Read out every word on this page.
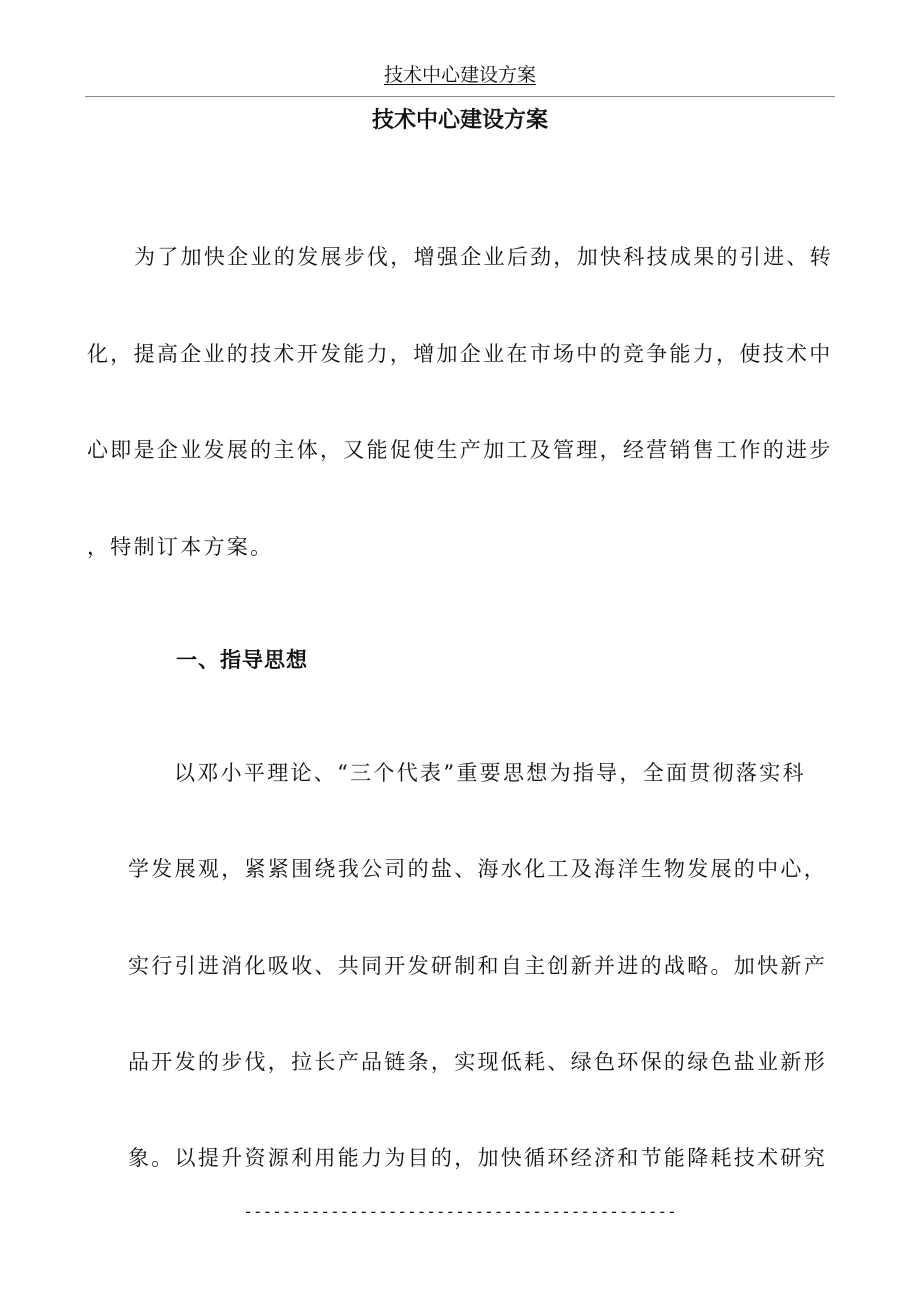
技术中心建设方案
技术中心建设方案
为了加快企业的发展步伐，增强企业后劲，加快科技成果的引进、转
化，提高企业的技术开发能力，增加企业在市场中的竞争能力，使技术中
心即是企业发展的主体，又能促使生产加工及管理，经营销售工作的进步
，特制订本方案。
一、指导思想
以邓小平理论、“三个代表”重要思想为指导，全面贯彻落实科
学发展观，紧紧围绕我公司的盐、海水化工及海洋生物发展的中心，
实行引进消化吸收、共同开发研制和自主创新并进的战略。加快新产
品开发的步伐，拉长产品链条，实现低耗、绿色环保的绿色盐业新形
象。以提升资源利用能力为目的，加快循环经济和节能降耗技术研究
---------------------------------------------
